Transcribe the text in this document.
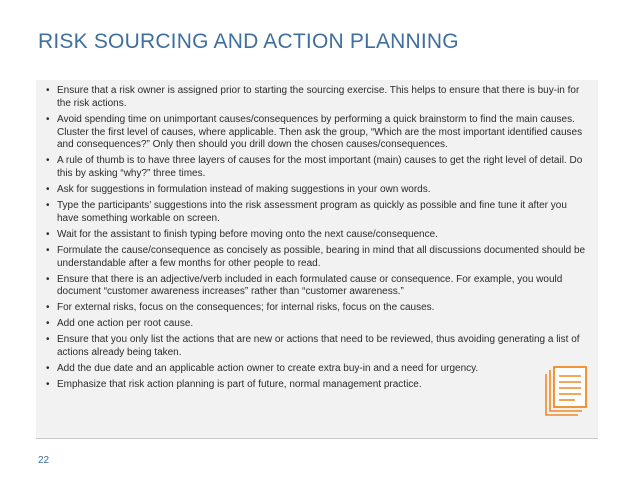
RISK SOURCING AND ACTION PLANNING
• Ensure that a risk owner is assigned prior to starting the sourcing exercise. This helps to ensure that there is buy-in for the risk actions.
• Avoid spending time on unimportant causes/consequences by performing a quick brainstorm to find the main causes. Cluster the first level of causes, where applicable. Then ask the group, “Which are the most important identified causes and consequences?” Only then should you drill down the chosen causes/consequences.
• A rule of thumb is to have three layers of causes for the most important (main) causes to get the right level of detail. Do this by asking “why?” three times.
• Ask for suggestions in formulation instead of making suggestions in your own words.
• Type the participants’ suggestions into the risk assessment program as quickly as possible and fine tune it after you have something workable on screen.
• Wait for the assistant to finish typing before moving onto the next cause/consequence.
• Formulate the cause/consequence as concisely as possible, bearing in mind that all discussions documented should be understandable after a few months for other people to read.
• Ensure that there is an adjective/verb included in each formulated cause or consequence. For example, you would document “customer awareness increases” rather than “customer awareness.”
• For external risks, focus on the consequences; for internal risks, focus on the causes.
• Add one action per root cause.
• Ensure that you only list the actions that are new or actions that need to be reviewed, thus avoiding generating a list of actions already being taken.
• Add the due date and an applicable action owner to create extra buy-in and a need for urgency.
• Emphasize that risk action planning is part of future, normal management practice.
22
